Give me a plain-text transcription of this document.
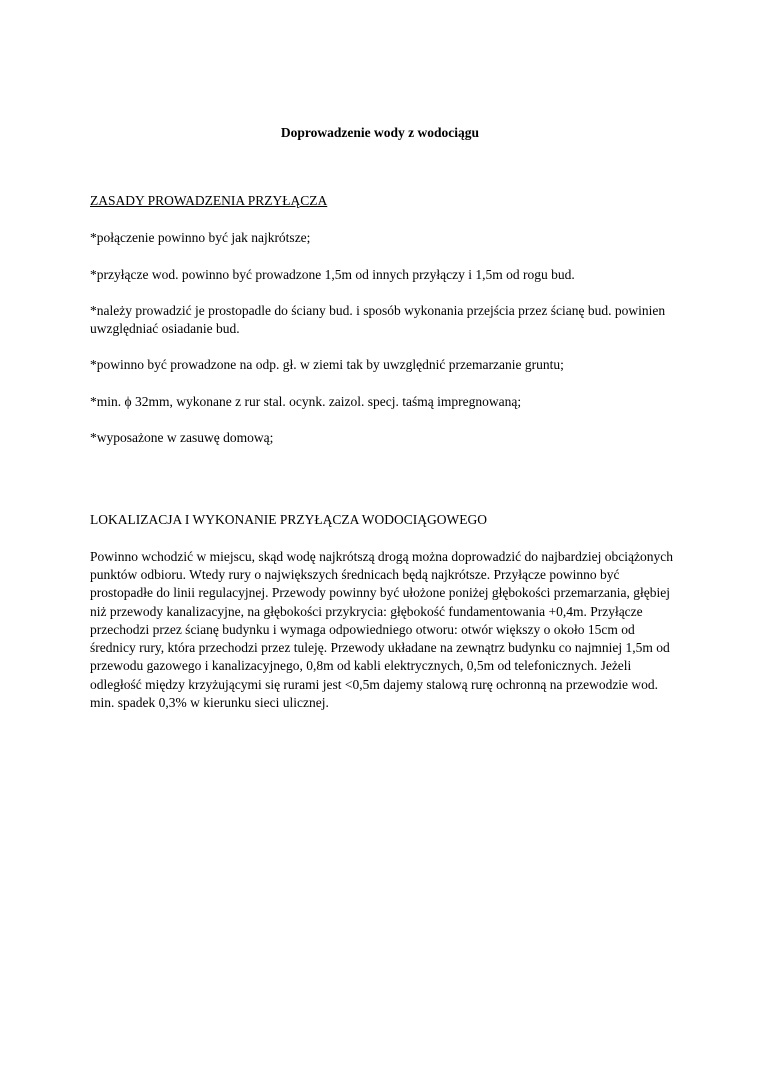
Doprowadzenie wody z wodociągu

ZASADY PROWADZENIA PRZYŁĄCZA

*połączenie powinno być jak najkrótsze;

*przyłącze wod. powinno być prowadzone 1,5m od innych przyłączy i 1,5m od rogu bud.

*należy prowadzić je prostopadle do ściany bud. i sposób wykonania przejścia przez ścianę bud. powinien uwzględniać osiadanie bud.

*powinno być prowadzone na odp. gł. w ziemi tak by uwzględnić przemarzanie gruntu;

*min. ϕ 32mm, wykonane z rur stal. ocynk. zaizol. specj. taśmą impregnowaną;

*wyposażone w zasuwę domową;

LOKALIZACJA I WYKONANIE PRZYŁĄCZA WODOCIĄGOWEGO

Powinno wchodzić w miejscu, skąd wodę najkrótszą drogą można doprowadzić do najbardziej obciążonych punktów odbioru. Wtedy rury o największych średnicach będą najkrótsze. Przyłącze powinno być prostopadłe do linii regulacyjnej. Przewody powinny być ułożone poniżej głębokości przemarzania, głębiej niż przewody kanalizacyjne, na głębokości przykrycia: głębokość fundamentowania +0,4m. Przyłącze przechodzi przez ścianę budynku i wymaga odpowiedniego otworu: otwór większy o około 15cm od średnicy rury, która przechodzi przez tuleję. Przewody układane na zewnątrz budynku co najmniej 1,5m od przewodu gazowego i kanalizacyjnego, 0,8m od kabli elektrycznych, 0,5m od telefonicznych. Jeżeli odległość między krzyżującymi się rurami jest <0,5m dajemy stalową rurę ochronną na przewodzie wod. min. spadek 0,3% w kierunku sieci ulicznej.
